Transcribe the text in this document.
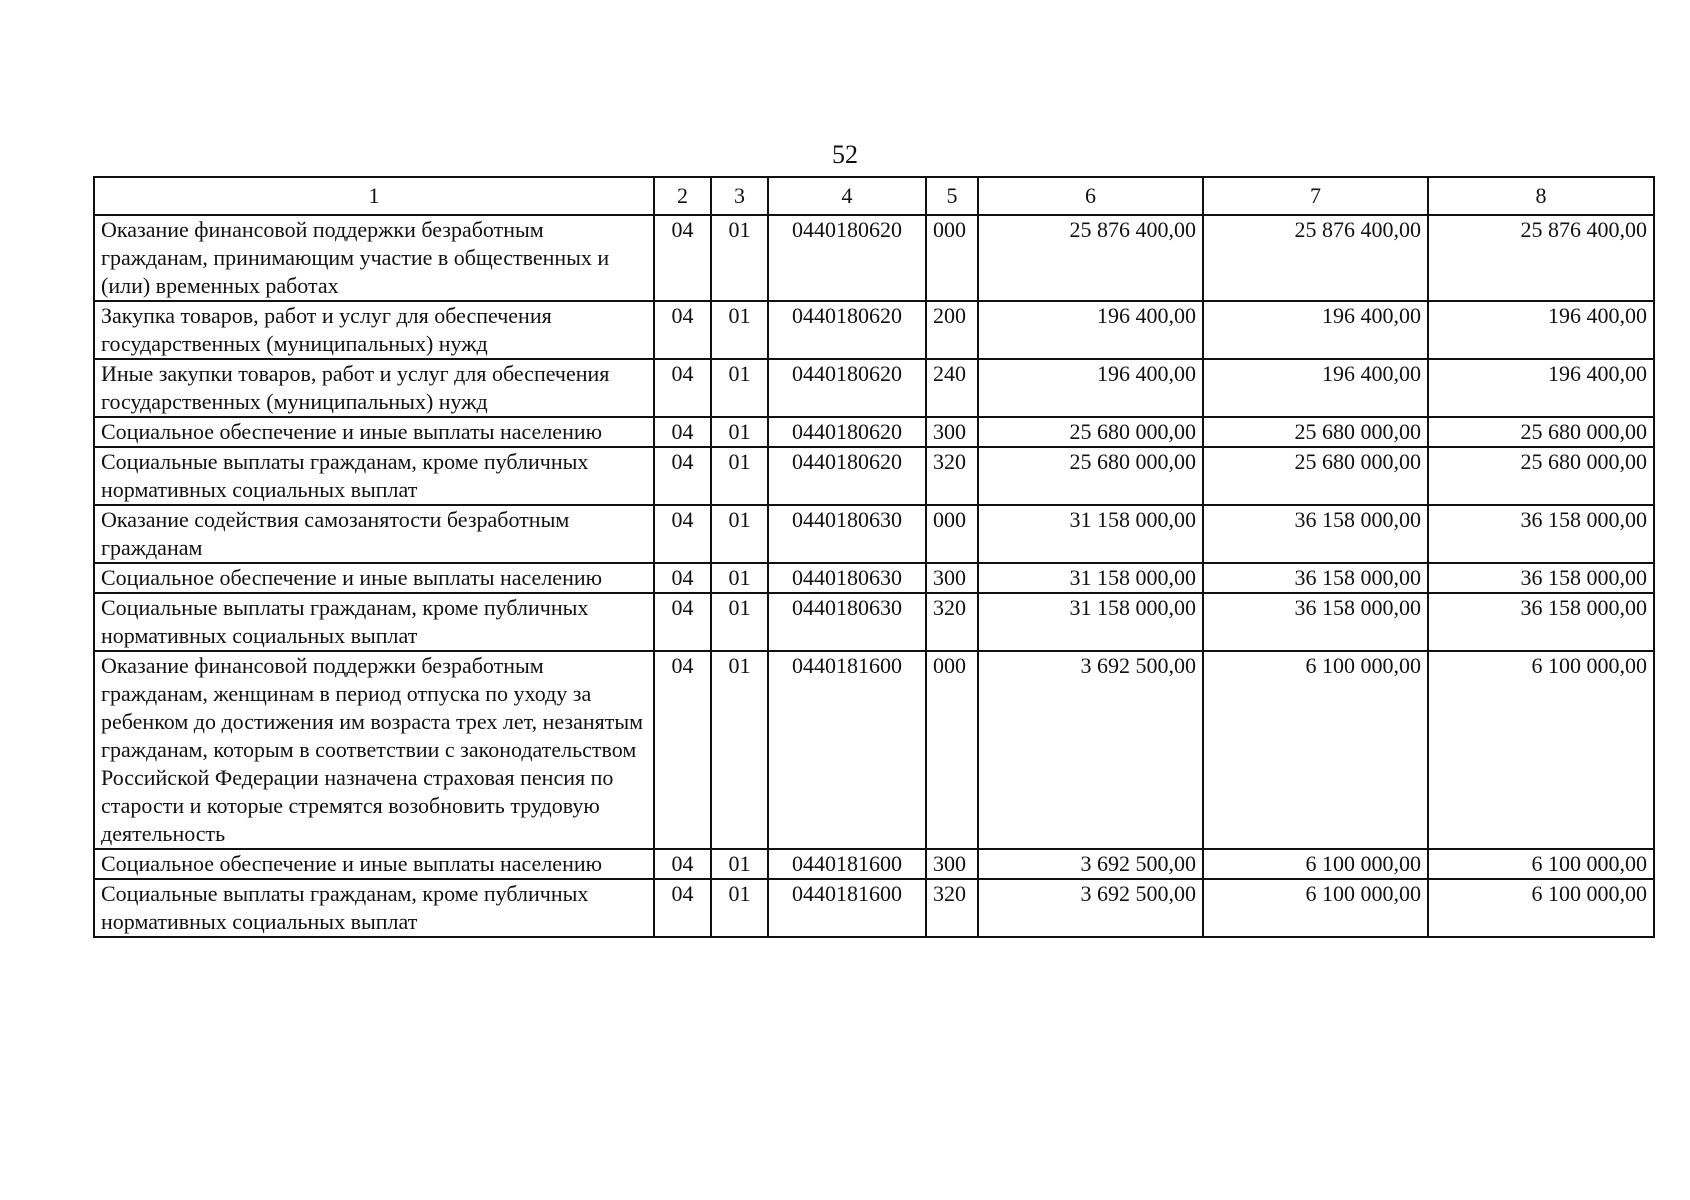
52
1	2	3	4	5	6	7	8
Оказание финансовой поддержки безработным гражданам, принимающим участие в общественных и (или) временных работах	04	01	0440180620	000	25 876 400,00	25 876 400,00	25 876 400,00
Закупка товаров, работ и услуг для обеспечения государственных (муниципальных) нужд	04	01	0440180620	200	196 400,00	196 400,00	196 400,00
Иные закупки товаров, работ и услуг для обеспечения государственных (муниципальных) нужд	04	01	0440180620	240	196 400,00	196 400,00	196 400,00
Социальное обеспечение и иные выплаты населению	04	01	0440180620	300	25 680 000,00	25 680 000,00	25 680 000,00
Социальные выплаты гражданам, кроме публичных нормативных социальных выплат	04	01	0440180620	320	25 680 000,00	25 680 000,00	25 680 000,00
Оказание содействия самозанятости безработным гражданам	04	01	0440180630	000	31 158 000,00	36 158 000,00	36 158 000,00
Социальное обеспечение и иные выплаты населению	04	01	0440180630	300	31 158 000,00	36 158 000,00	36 158 000,00
Социальные выплаты гражданам, кроме публичных нормативных социальных выплат	04	01	0440180630	320	31 158 000,00	36 158 000,00	36 158 000,00
Оказание финансовой поддержки безработным гражданам, женщинам в период отпуска по уходу за ребенком до достижения им возраста трех лет, незанятым гражданам, которым в соответствии с законодательством Российской Федерации назначена страховая пенсия по старости и которые стремятся возобновить трудовую деятельность	04	01	0440181600	000	3 692 500,00	6 100 000,00	6 100 000,00
Социальное обеспечение и иные выплаты населению	04	01	0440181600	300	3 692 500,00	6 100 000,00	6 100 000,00
Социальные выплаты гражданам, кроме публичных нормативных социальных выплат	04	01	0440181600	320	3 692 500,00	6 100 000,00	6 100 000,00
